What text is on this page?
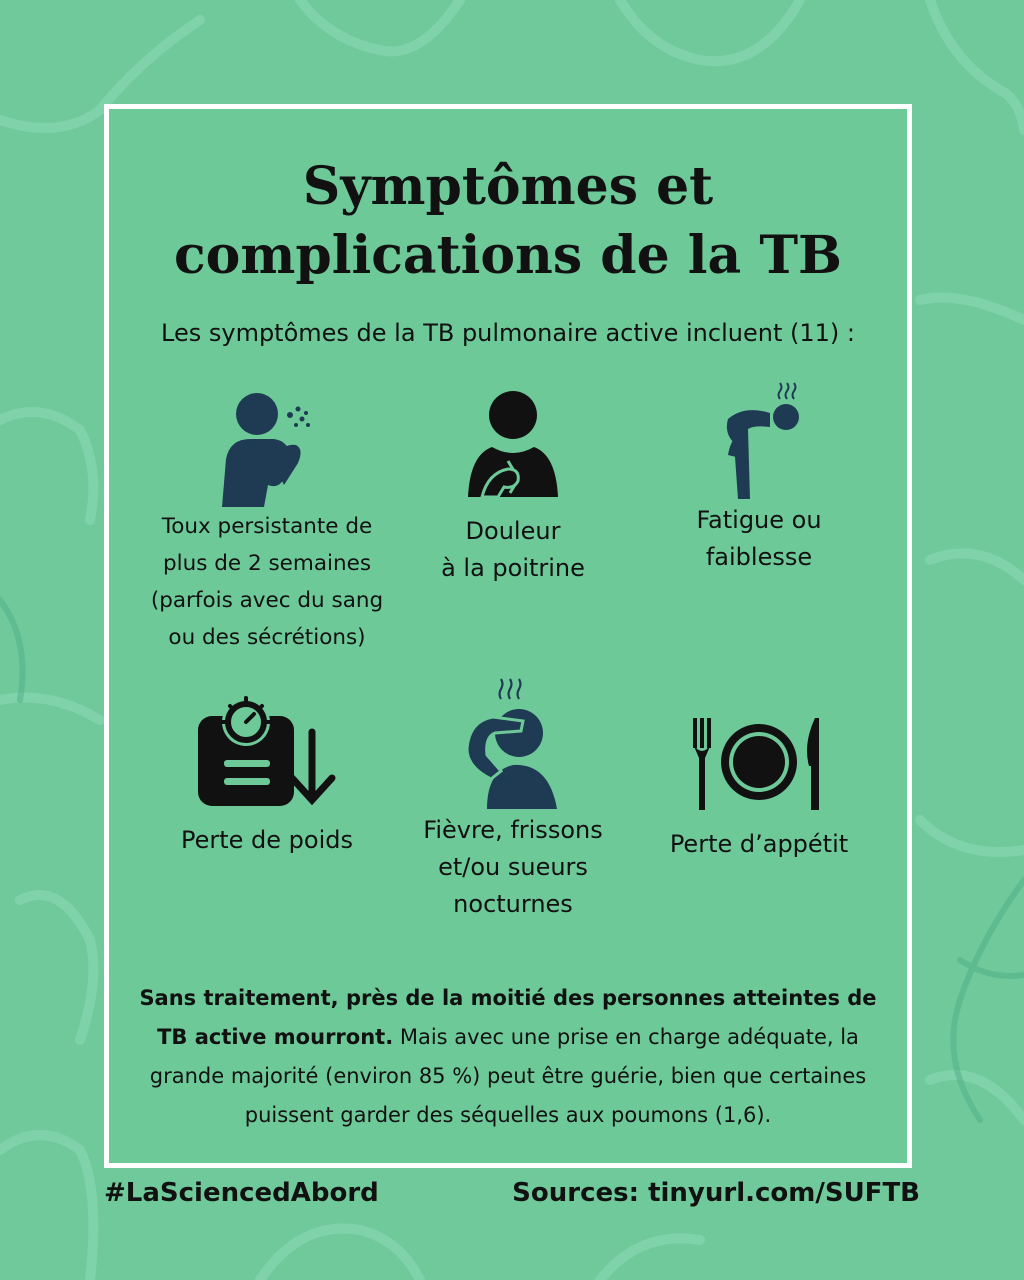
Symptômes et
complications de la TB
Les symptômes de la TB pulmonaire active incluent (11) :
Toux persistante de
plus de 2 semaines
(parfois avec du sang
ou des sécrétions)
Douleur
à la poitrine
Fatigue ou
faiblesse
Perte de poids	Fièvre, frissons
et/ou sueurs
nocturnes
Perte d’appétit
Sans traitement, près de la moitié des personnes atteintes de TB active mourront. Mais avec une prise en charge adéquate, la grande majorité (environ 85 %) peut être guérie, bien que certaines puissent garder des séquelles aux poumons (1,6).
#LaSciencedAbord	Sources: tinyurl.com/SUFTB
